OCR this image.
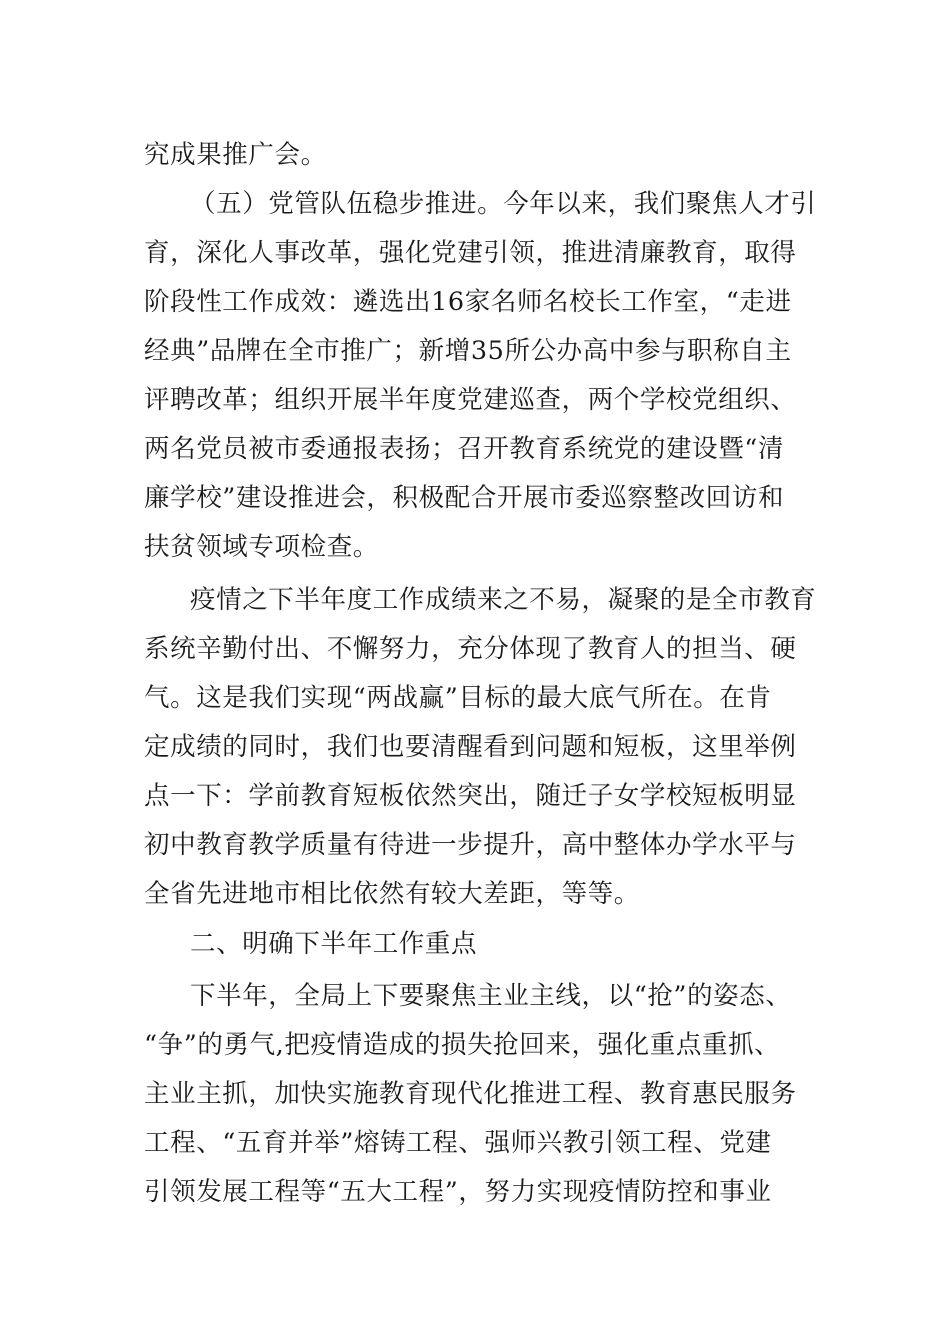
究成果推广会。
（五）党管队伍稳步推进。今年以来，我们聚焦人才引
育，深化人事改革，强化党建引领，推进清廉教育，取得
阶段性工作成效：遴选出16家名师名校长工作室，“走进
经典”品牌在全市推广；新增35所公办高中参与职称自主
评聘改革；组织开展半年度党建巡查，两个学校党组织、
两名党员被市委通报表扬；召开教育系统党的建设暨“清
廉学校”建设推进会，积极配合开展市委巡察整改回访和
扶贫领域专项检查。
疫情之下半年度工作成绩来之不易，凝聚的是全市教育
系统辛勤付出、不懈努力，充分体现了教育人的担当、硬
气。这是我们实现“两战赢”目标的最大底气所在。在肯
定成绩的同时，我们也要清醒看到问题和短板，这里举例
点一下：学前教育短板依然突出，随迁子女学校短板明显
初中教育教学质量有待进一步提升，高中整体办学水平与
全省先进地市相比依然有较大差距，等等。
二、明确下半年工作重点
下半年，全局上下要聚焦主业主线，以“抢”的姿态、
“争”的勇气,把疫情造成的损失抢回来，强化重点重抓、
主业主抓，加快实施教育现代化推进工程、教育惠民服务
工程、“五育并举”熔铸工程、强师兴教引领工程、党建
引领发展工程等“五大工程”，努力实现疫情防控和事业
